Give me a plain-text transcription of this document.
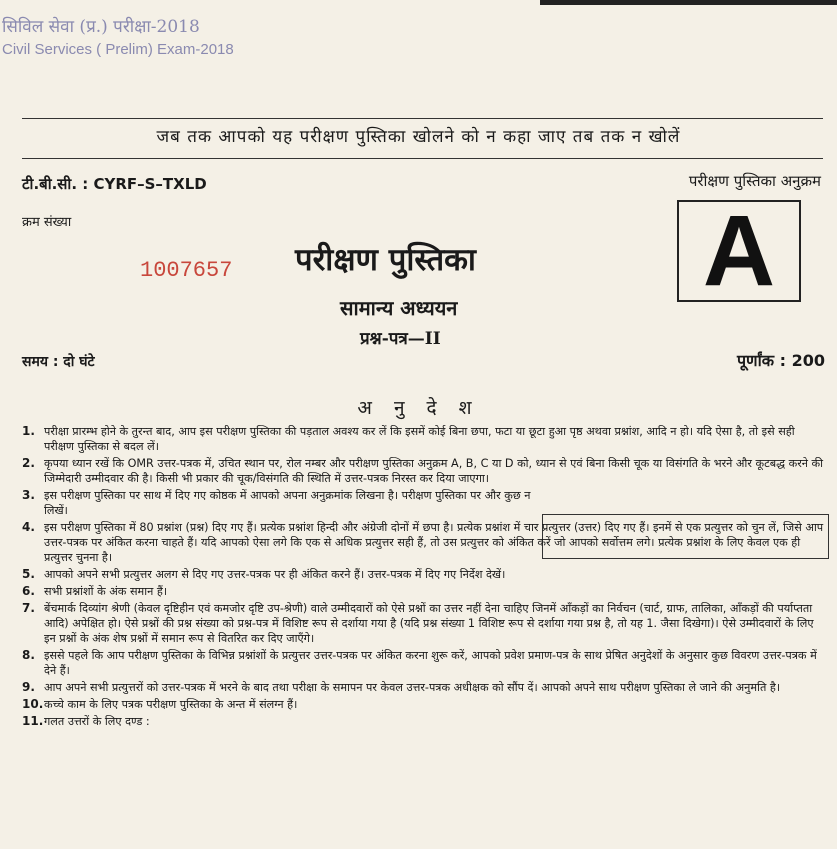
सिविल सेवा (प्र.) परीक्षा-2018
Civil Services ( Prelim) Exam-2018
जब तक आपको यह परीक्षण पुस्तिका खोलने को न कहा जाए तब तक न खोलें
टी.बी.सी. : CYRF–S–TXLD	परीक्षण पुस्तिका अनुक्रम
क्रम संख्या
1007657	A
परीक्षण पुस्तिका
सामान्य अध्ययन
प्रश्न-पत्र—II
समय : दो घंटे	पूर्णांक : 200
अ नु दे श
1. परीक्षा प्रारम्भ होने के तुरन्त बाद, आप इस परीक्षण पुस्तिका की पड़ताल अवश्य कर लें कि इसमें कोई बिना छपा, फटा या छूटा हुआ पृष्ठ अथवा प्रश्नांश, आदि न हो। यदि ऐसा है, तो इसे सही परीक्षण पुस्तिका से बदल लें।
2. कृपया ध्यान रखें कि OMR उत्तर-पत्रक में, उचित स्थान पर, रोल नम्बर और परीक्षण पुस्तिका अनुक्रम A, B, C या D को, ध्यान से एवं बिना किसी चूक या विसंगति के भरने और कूटबद्ध करने की जिम्मेदारी उम्मीदवार की है। किसी भी प्रकार की चूक/विसंगति की स्थिति में उत्तर-पत्रक निरस्त कर दिया जाएगा।
3. इस परीक्षण पुस्तिका पर साथ में दिए गए कोष्ठक में आपको अपना अनुक्रमांक लिखना है। परीक्षण पुस्तिका पर और कुछ न लिखें।
4. इस परीक्षण पुस्तिका में 80 प्रश्नांश (प्रश्न) दिए गए हैं। प्रत्येक प्रश्नांश हिन्दी और अंग्रेजी दोनों में छपा है। प्रत्येक प्रश्नांश में चार प्रत्युत्तर (उत्तर) दिए गए हैं। इनमें से एक प्रत्युत्तर को चुन लें, जिसे आप उत्तर-पत्रक पर अंकित करना चाहते हैं। यदि आपको ऐसा लगे कि एक से अधिक प्रत्युत्तर सही हैं, तो उस प्रत्युत्तर को अंकित करें जो आपको सर्वोत्तम लगे। प्रत्येक प्रश्नांश के लिए केवल एक ही प्रत्युत्तर चुनना है।
5. आपको अपने सभी प्रत्युत्तर अलग से दिए गए उत्तर-पत्रक पर ही अंकित करने हैं। उत्तर-पत्रक में दिए गए निर्देश देखें।
6. सभी प्रश्नांशों के अंक समान हैं।
7. बेंचमार्क दिव्यांग श्रेणी (केवल दृष्टिहीन एवं कमजोर दृष्टि उप-श्रेणी) वाले उम्मीदवारों को ऐसे प्रश्नों का उत्तर नहीं देना चाहिए जिनमें आँकड़ों का निर्वचन (चार्ट, ग्राफ, तालिका, आँकड़ों की पर्याप्तता आदि) अपेक्षित हो। ऐसे प्रश्नों की प्रश्न संख्या को प्रश्न-पत्र में विशिष्ट रूप से दर्शाया गया है (यदि प्रश्न संख्या 1 विशिष्ट रूप से दर्शाया गया प्रश्न है, तो यह 1. जैसा दिखेगा)। ऐसे उम्मीदवारों के लिए इन प्रश्नों के अंक शेष प्रश्नों में समान रूप से वितरित कर दिए जाएँगे।
8. इससे पहले कि आप परीक्षण पुस्तिका के विभिन्न प्रश्नांशों के प्रत्युत्तर उत्तर-पत्रक पर अंकित करना शुरू करें, आपको प्रवेश प्रमाण-पत्र के साथ प्रेषित अनुदेशों के अनुसार कुछ विवरण उत्तर-पत्रक में देने हैं।
9. आप अपने सभी प्रत्युत्तरों को उत्तर-पत्रक में भरने के बाद तथा परीक्षा के समापन पर केवल उत्तर-पत्रक अधीक्षक को सौंप दें। आपको अपने साथ परीक्षण पुस्तिका ले जाने की अनुमति है।
10. कच्चे काम के लिए पत्रक परीक्षण पुस्तिका के अन्त में संलग्न हैं।
11. गलत उत्तरों के लिए दण्ड :
